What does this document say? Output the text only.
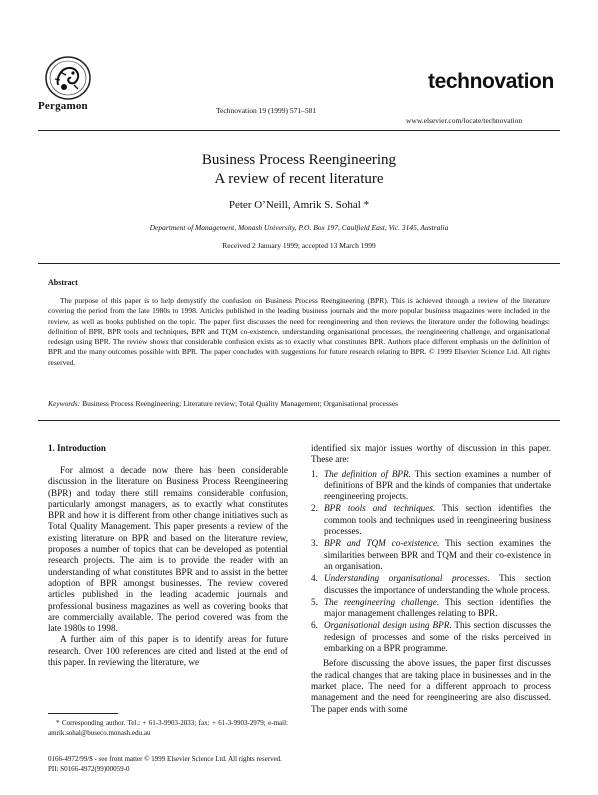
Pergamon	Technovation 19 (1999) 571–581
technovation
www.elsevier.com/locate/technovation
Business Process Reengineering
A review of recent literature
Peter O’Neill, Amrik S. Sohal *
Department of Management, Monash University, P.O. Box 197, Caulfield East, Vic. 3145, Australia
Received 2 January 1999; accepted 13 March 1999
Abstract
The purpose of this paper is to help demystify the confusion on Business Process Reengineering (BPR). This is achieved through a review of the literature covering the period from the late 1980s to 1998. Articles published in the leading business journals and the more popular business magazines were included in the review, as well as books published on the topic. The paper first discusses the need for reengineering and then reviews the literature under the following headings: definition of BPR, BPR tools and techniques, BPR and TQM co-existence, understanding organisational processes, the reengineering challenge, and organisational redesign using BPR. The review shows that considerable confusion exists as to exactly what constitutes BPR. Authors place different emphasis on the definition of BPR and the many outcomes possible with BPR. The paper concludes with suggestions for future research relating to BPR. © 1999 Elsevier Science Ltd. All rights reserved.
Keywords: Business Process Reengineering; Literature review; Total Quality Management; Organisational processes
1. Introduction

For almost a decade now there has been considerable discussion in the literature on Business Process Reengineering (BPR) and today there still remains considerable confusion, particularly amongst managers, as to exactly what constitutes BPR and how it is different from other change initiatives such as Total Quality Management. This paper presents a review of the existing literature on BPR and based on the literature review, proposes a number of topics that can be developed as potential research projects. The aim is to provide the reader with an understanding of what constitutes BPR and to assist in the better adoption of BPR amongst businesses. The review covered articles published in the leading academic journals and professional business magazines as well as covering books that are commercially available. The period covered was from the late 1980s to 1998.

A further aim of this paper is to identify areas for future research. Over 100 references are cited and listed at the end of this paper. In reviewing the literature, we

* Corresponding author. Tel.: + 61-3-9903-2033; fax: + 61-3-9903-2979; e-mail: amrik.sohal@buseco.monash.edu.au
identified six major issues worthy of discussion in this paper. These are:
1. The definition of BPR. This section examines a number of definitions of BPR and the kinds of companies that undertake reengineering projects.
2. BPR tools and techniques. This section identifies the common tools and techniques used in reengineering business processes.
3. BPR and TQM co-existence. This section examines the similarities between BPR and TQM and their co-existence in an organisation.
4. Understanding organisational processes. This section discusses the importance of understanding the whole process.
5. The reengineering challenge. This section identifies the major management challenges relating to BPR.
6. Organisational design using BPR. This section discusses the redesign of processes and some of the risks perceived in embarking on a BPR programme.

Before discussing the above issues, the paper first discusses the radical changes that are taking place in businesses and in the market place. The need for a different approach to process management and the need for reengineering are also discussed. The paper ends with some

0166-4972/99/$ - see front matter © 1999 Elsevier Science Ltd. All rights reserved.
PII: S0166-4972(99)00059-0
